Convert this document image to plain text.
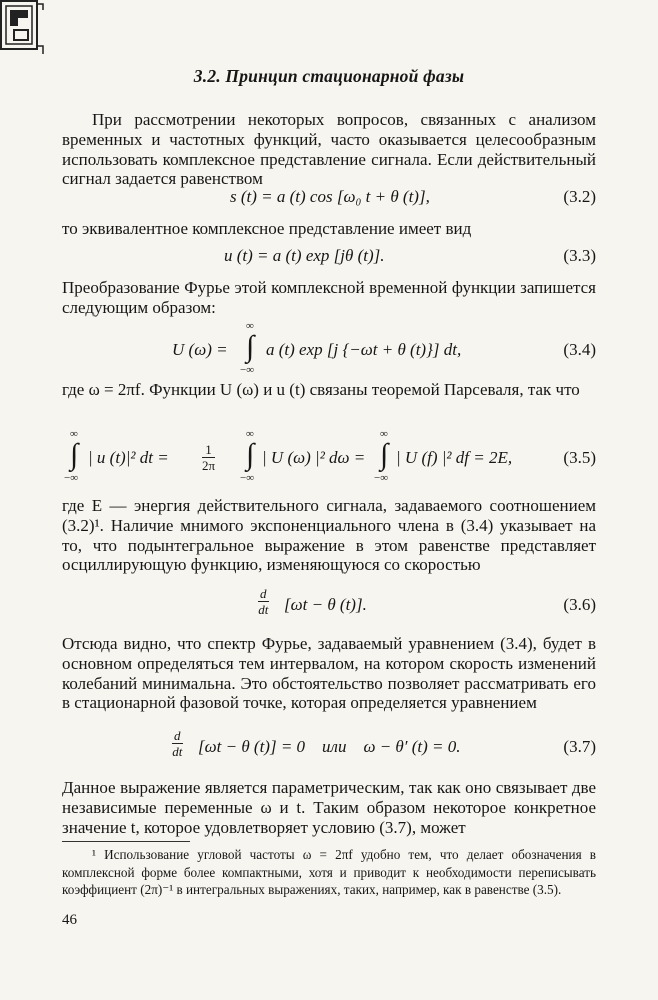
3.2. Принцип стационарной фазы

При рассмотрении некоторых вопросов, связанных с анализом временных и частотных функций, часто оказывается целесообразным использовать комплексное представление сигнала. Если действительный сигнал задается равенством

s (t) = a (t) cos [ω₀ t + θ (t)],	(3.2)

то эквивалентное комплексное представление имеет вид

u (t) = a (t) exp [jθ (t)].	(3.3)

Преобразование Фурье этой комплексной временной функции запишется следующим образом:

U (ω) =
∞
∫
−∞
a (t) exp [j {−ωt + θ (t)}] dt,	(3.4)

где ω = 2πf. Функции U (ω) и u (t) связаны теоремой Парсеваля, так что

∞
∫
−∞
| u (t)|² dt =	$\frac{1}{2\pi}$
∞
∫
−∞
| U (ω) |² dω =
∞
∫
−∞
| U (f) |² df = 2E,	(3.5)

где E — энергия действительного сигнала, задаваемого соотношением (3.2)¹. Наличие мнимого экспоненциального члена в (3.4) указывает на то, что подынтегральное выражение в этом равенстве представляет осциллирующую функцию, изменяющуюся со скоростью

$\frac{d}{dt} [\omega t - \theta$ (t)].	(3.6)

Отсюда видно, что спектр Фурье, задаваемый уравнением (3.4), будет в основном определяться тем интервалом, на котором скорость изменений колебаний минимальна. Это обстоятельство позволяет рассматривать его в стационарной фазовой точке, которая определяется уравнением

$\frac{d}{dt} [\omega t - \theta$ (t)] = 0    или    ω − θ′ (t) = 0.	(3.7)

Данное выражение является параметрическим, так как оно связывает две независимые переменные ω и t. Таким образом некоторое конкретное значение t, которое удовлетворяет условию (3.7), может

¹ Использование угловой частоты ω = 2πf удобно тем, что делает обозначения в комплексной форме более компактными, хотя и приводит к необходимости переписывать коэффициент (2π)⁻¹ в интегральных выражениях, таких, например, как в равенстве (3.5).
46
